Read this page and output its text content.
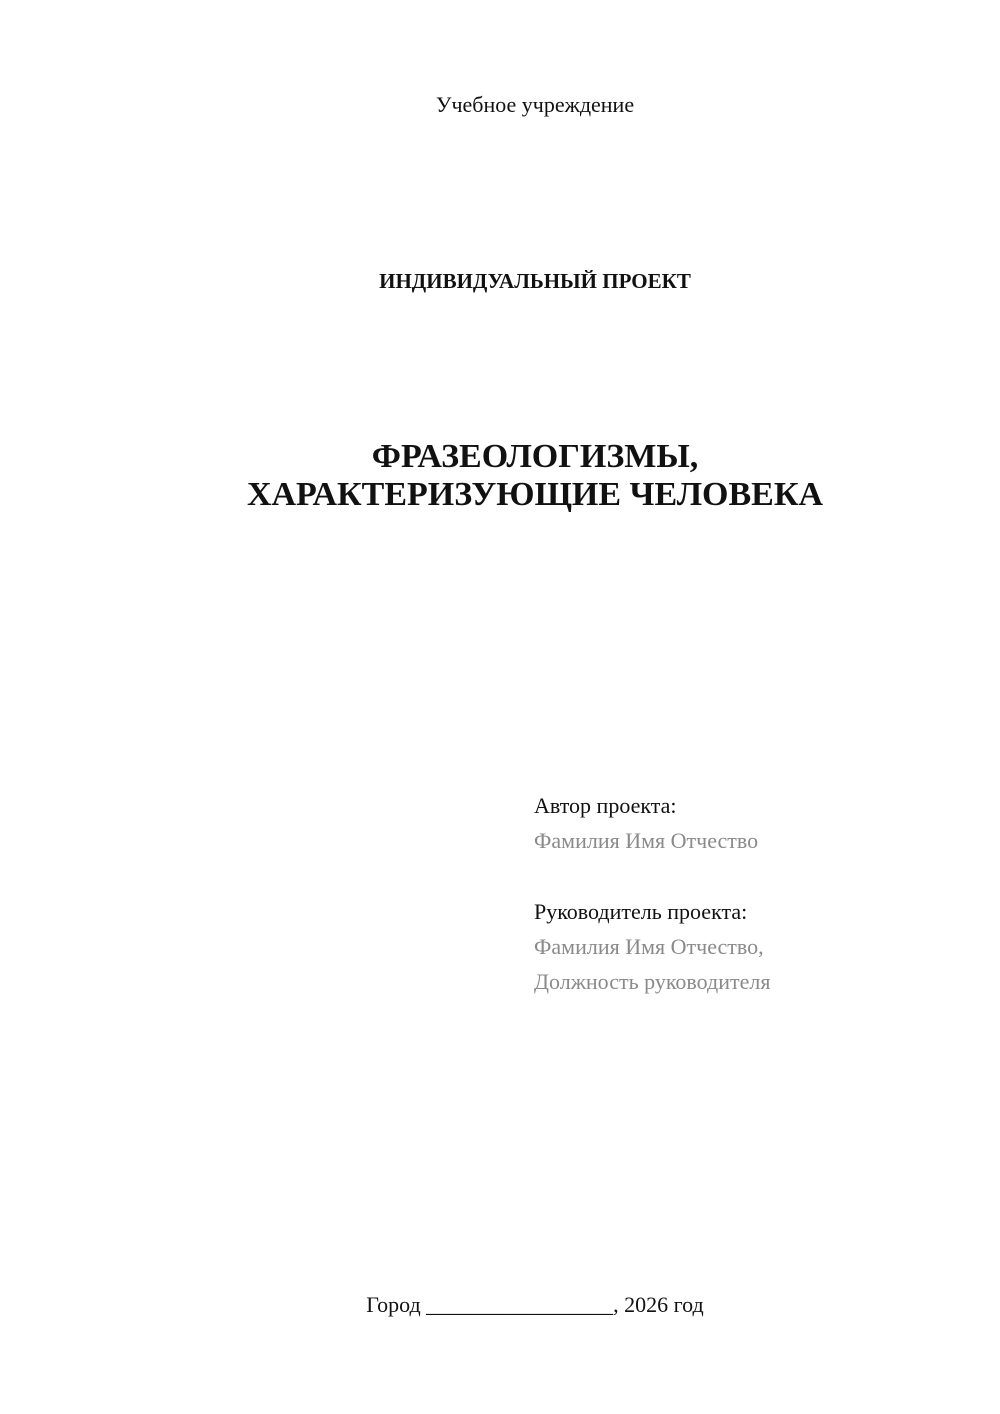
Учебное учреждение
ИНДИВИДУАЛЬНЫЙ ПРОЕКТ
ФРАЗЕОЛОГИЗМЫ,
ХАРАКТЕРИЗУЮЩИЕ ЧЕЛОВЕКА
Автор проекта:
Фамилия Имя Отчество
Руководитель проекта:
Фамилия Имя Отчество,
Должность руководителя
Город _________________, 2026 год
